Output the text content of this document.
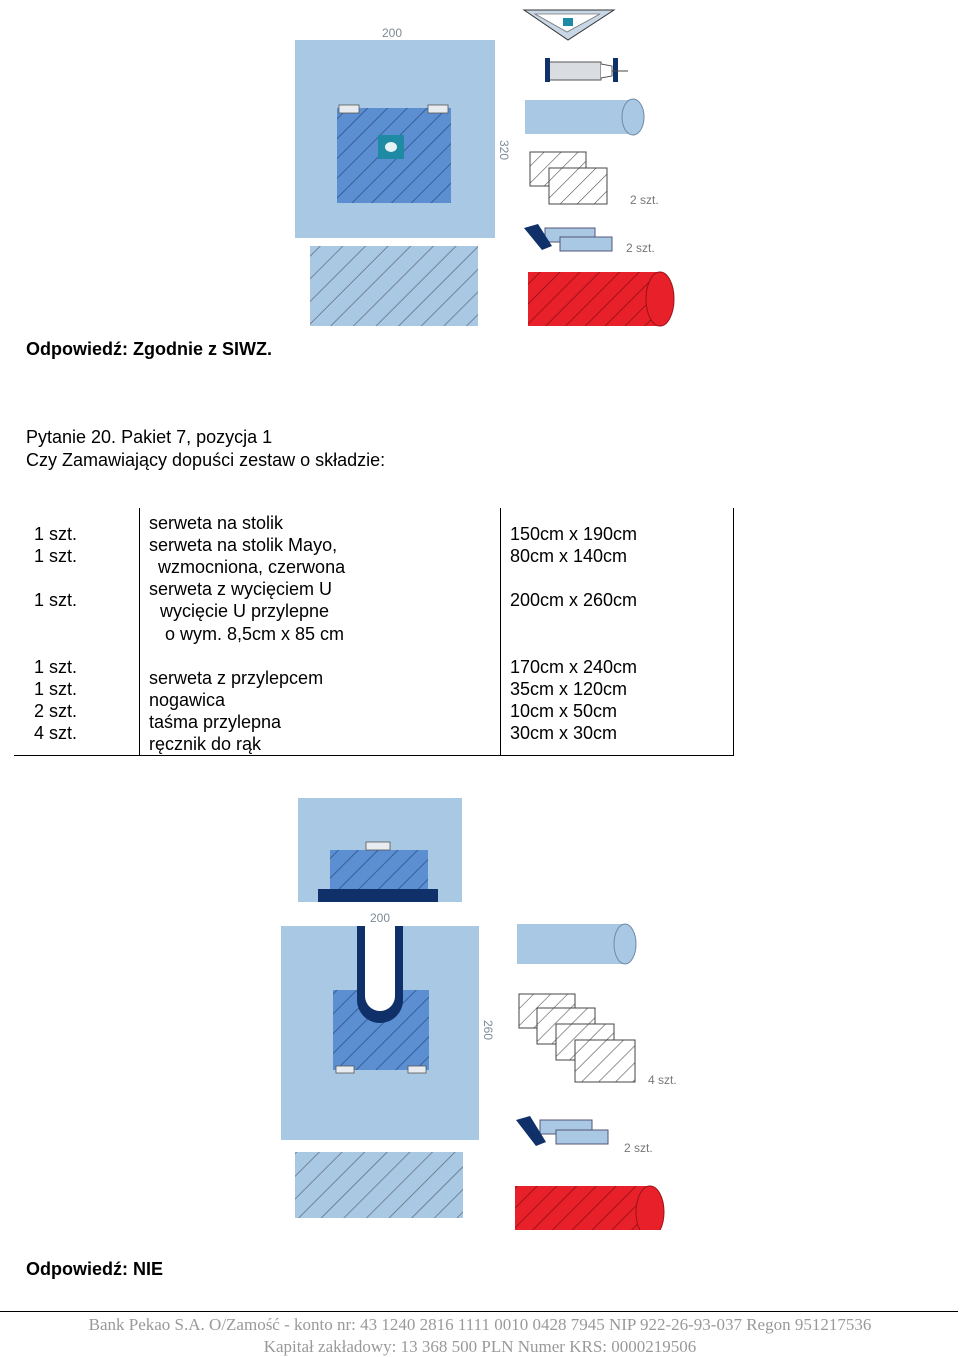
200
320
2 szt.
2 szt.
Odpowiedź: Zgodnie z SIWZ.
Pytanie 20. Pakiet 7, pozycja 1
Czy Zamawiający dopuści zestaw o składzie:
1 szt.
1 szt.
1 szt.
1 szt.
1 szt.
2 szt.
4 szt.
serweta na stolik
serweta na stolik Mayo,
wzmocniona, czerwona
serweta z wycięciem U
wycięcie U przylepne
o wym. 8,5cm x 85 cm
serweta z przylepcem
nogawica
taśma przylepna
ręcznik do rąk
150cm x 190cm
80cm x 140cm
200cm x 260cm
170cm x 240cm
35cm x 120cm
10cm x 50cm
30cm x 30cm
200
260
4 szt.
2 szt.
Odpowiedź: NIE
Bank Pekao S.A. O/Zamość - konto nr: 43 1240 2816 1111 0010 0428 7945 NIP 922-26-93-037 Regon 951217536
Kapitał zakładowy: 13 368 500 PLN Numer KRS: 0000219506
